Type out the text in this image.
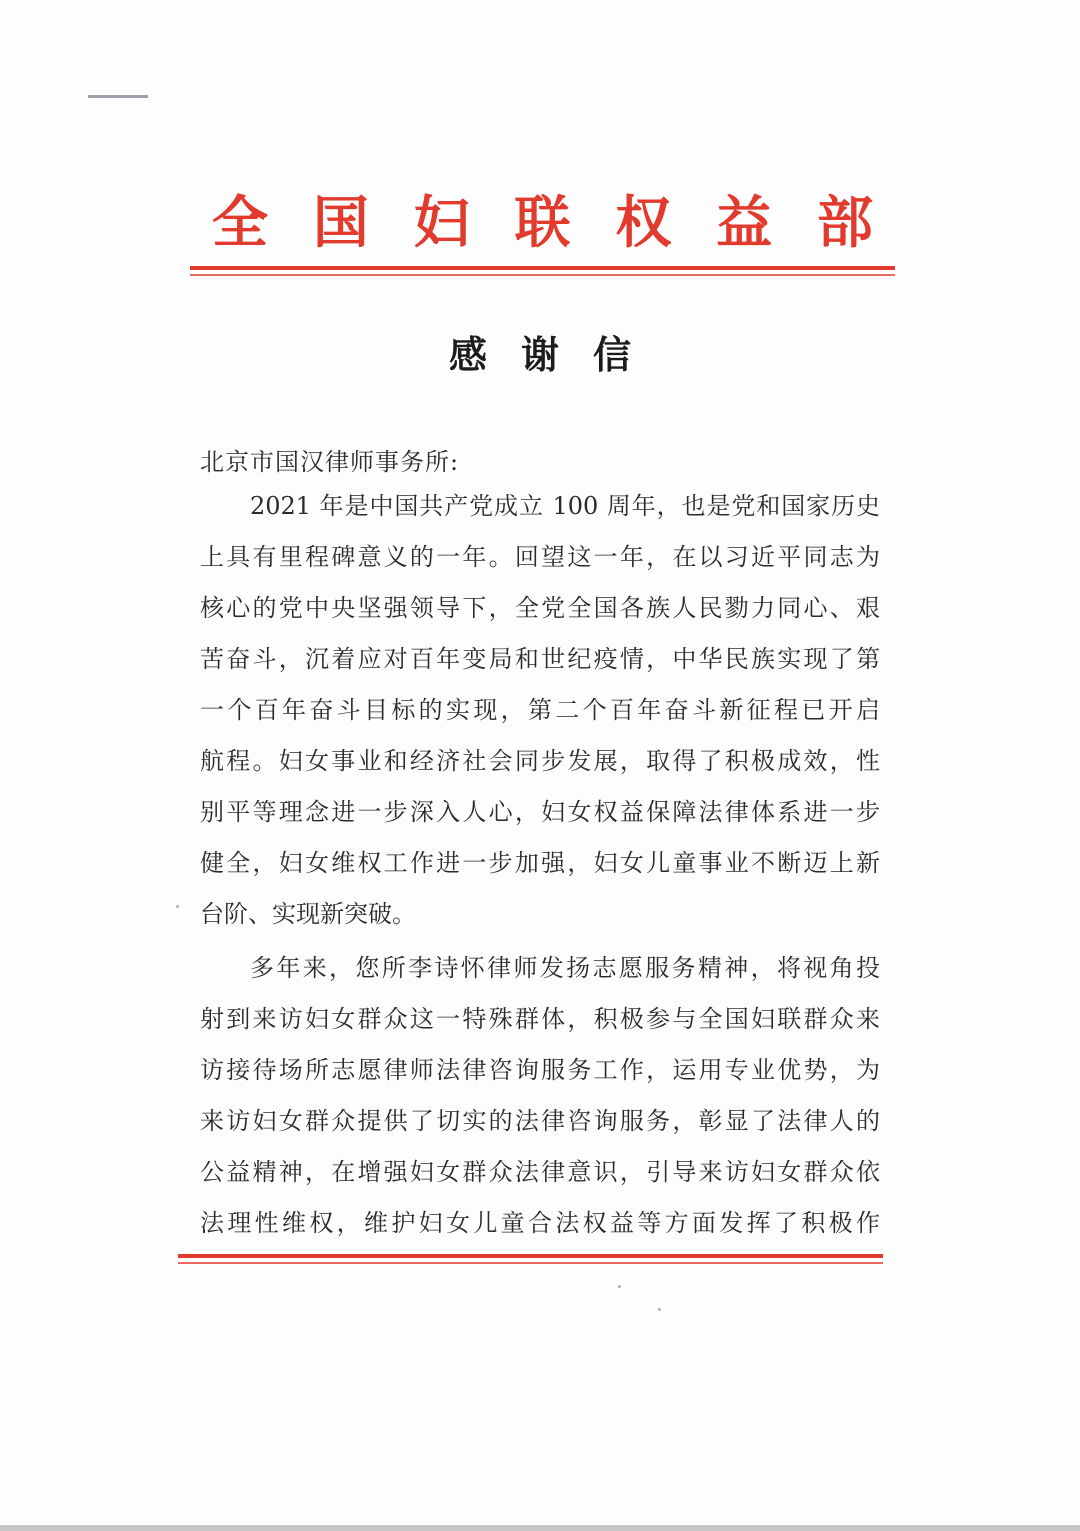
全 国 妇 联 权 益 部
感谢信
北京市国汉律师事务所:
2021 年是中国共产党成立 100 周年，也是党和国家历史
上具有里程碑意义的一年。回望这一年，在以习近平同志为
核心的党中央坚强领导下，全党全国各族人民勠力同心、艰
苦奋斗，沉着应对百年变局和世纪疫情，中华民族实现了第
一个百年奋斗目标的实现，第二个百年奋斗新征程已开启
航程。妇女事业和经济社会同步发展，取得了积极成效，性
别平等理念进一步深入人心，妇女权益保障法律体系进一步
健全，妇女维权工作进一步加强，妇女儿童事业不断迈上新
台阶、实现新突破。
多年来，您所李诗怀律师发扬志愿服务精神，将视角投
射到来访妇女群众这一特殊群体，积极参与全国妇联群众来
访接待场所志愿律师法律咨询服务工作，运用专业优势，为
来访妇女群众提供了切实的法律咨询服务，彰显了法律人的
公益精神，在增强妇女群众法律意识，引导来访妇女群众依
法理性维权，维护妇女儿童合法权益等方面发挥了积极作
